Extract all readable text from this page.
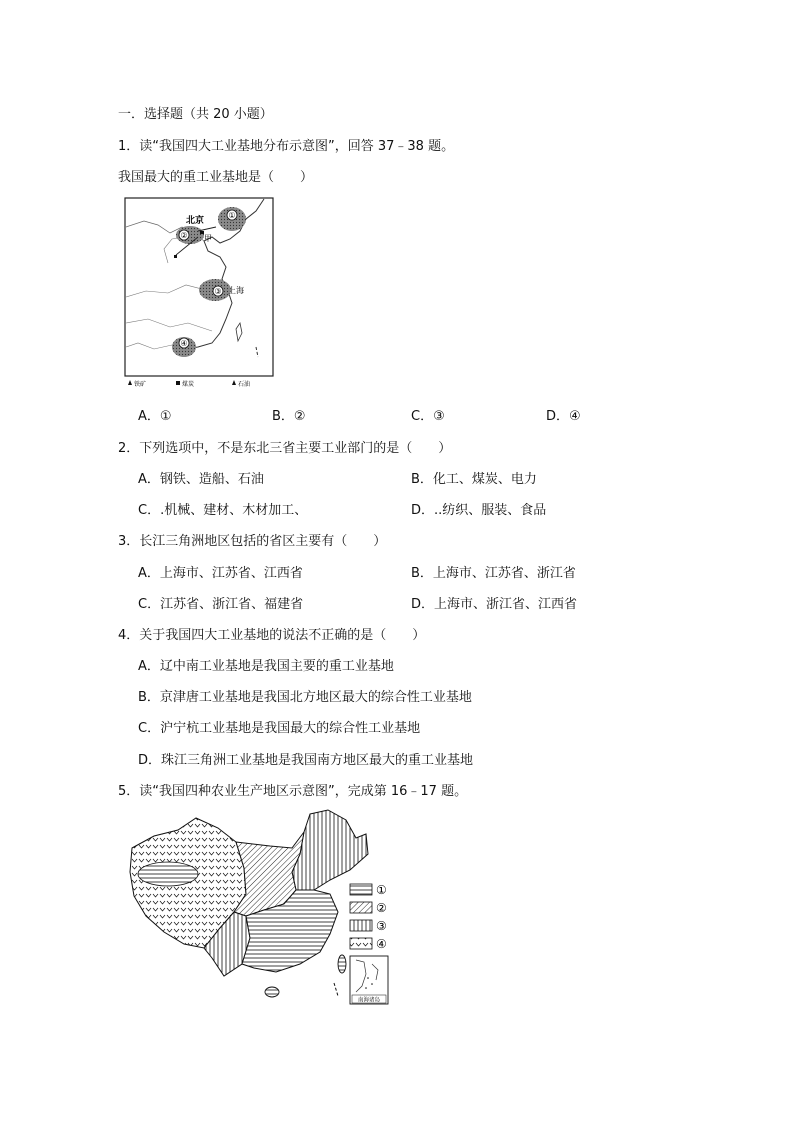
一．选择题（共 20 小题）
1．读“我国四大工业基地分布示意图”，回答 37﹣38 题。
我国最大的重工业基地是（　　）
①
②
③
④
北京
甲
上海
铁矿	煤炭	石油
A．①	B．②	C．③	D．④
2．下列选项中，不是东北三省主要工业部门的是（　　）
A．钢铁、造船、石油	B．化工、煤炭、电力
C．.机械、建材、木材加工、	D．..纺织、服装、食品
3．长江三角洲地区包括的省区主要有（　　）
A．上海市、江苏省、江西省	B．上海市、江苏省、浙江省
C．江苏省、浙江省、福建省	D．上海市、浙江省、江西省
4．关于我国四大工业基地的说法不正确的是（　　）
A．辽中南工业基地是我国主要的重工业基地
B．京津唐工业基地是我国北方地区最大的综合性工业基地
C．沪宁杭工业基地是我国最大的综合性工业基地
D．珠江三角洲工业基地是我国南方地区最大的重工业基地
5．读“我国四种农业生产地区示意图”，完成第 16﹣17 题。
①
②
③
④
南海诸岛
